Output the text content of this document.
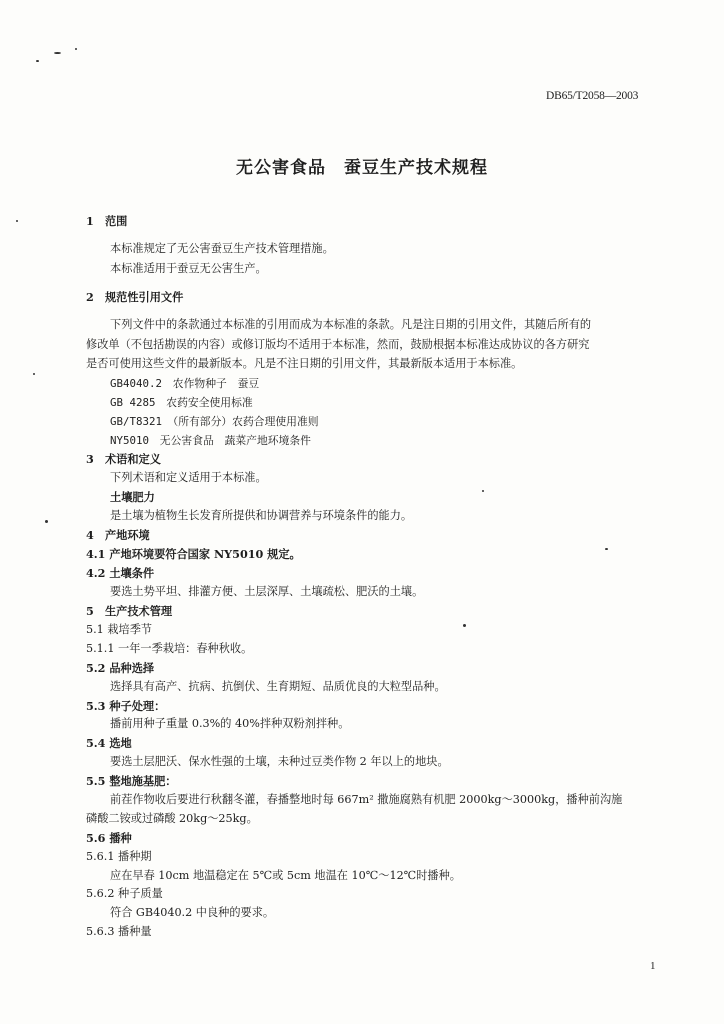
DB65/T2058—2003
无公害食品　蚕豆生产技术规程
1　范围
本标准规定了无公害蚕豆生产技术管理措施。
本标准适用于蚕豆无公害生产。
2　规范性引用文件
下列文件中的条款通过本标准的引用而成为本标准的条款。凡是注日期的引用文件，其随后所有的
修改单（不包括勘误的内容）或修订版均不适用于本标准，然而，鼓励根据本标准达成协议的各方研究
是否可使用这些文件的最新版本。凡是不注日期的引用文件，其最新版本适用于本标准。
GB4040.2　农作物种子　蚕豆
GB 4285　农药安全使用标准
GB/T8321　（所有部分）农药合理使用准则
NY5010　无公害食品　蔬菜产地环境条件
3　术语和定义
下列术语和定义适用于本标准。
土壤肥力
是土壤为植物生长发育所提供和协调营养与环境条件的能力。
4　产地环境
4.1 产地环境要符合国家 NY5010 规定。
4.2 土壤条件
要选土势平坦、排灌方便、土层深厚、土壤疏松、肥沃的土壤。
5　生产技术管理
5.1 栽培季节
5.1.1 一年一季栽培：春种秋收。
5.2 品种选择
选择具有高产、抗病、抗倒伏、生育期短、品质优良的大粒型品种。
5.3 种子处理：
播前用种子重量 0.3%的 40%拌种双粉剂拌种。
5.4 选地
要选土层肥沃、保水性强的土壤，未种过豆类作物 2 年以上的地块。
5.5 整地施基肥：
前茬作物收后要进行秋翻冬灌，春播整地时每 667m² 撒施腐熟有机肥 2000kg～3000kg，播种前沟施
磷酸二铵或过磷酸 20kg～25kg。
5.6 播种
5.6.1 播种期
应在早春 10cm 地温稳定在 5℃或 5cm 地温在 10℃～12℃时播种。
5.6.2 种子质量
符合 GB4040.2 中良种的要求。
5.6.3 播种量
1
